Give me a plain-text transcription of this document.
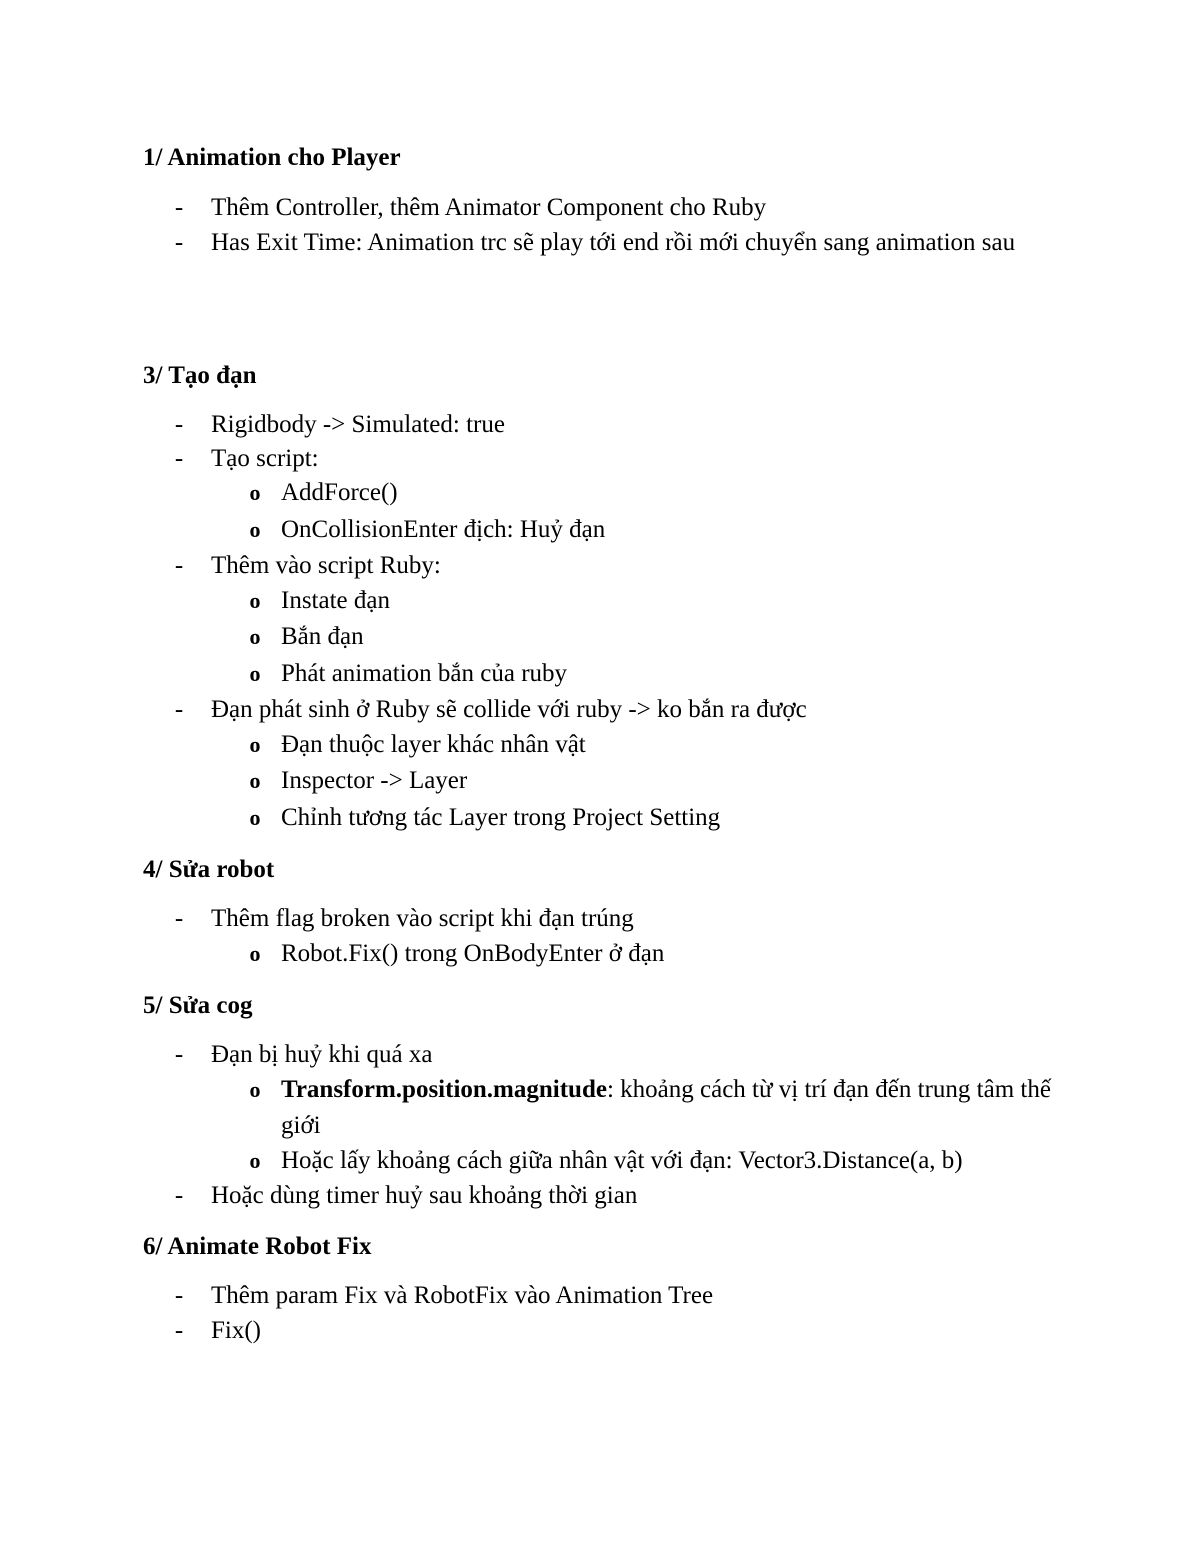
1/ Animation cho Player
- Thêm Controller, thêm Animator Component cho Ruby
- Has Exit Time: Animation trc sẽ play tới end rồi mới chuyển sang animation sau
3/ Tạo đạn
- Rigidbody -> Simulated: true
- Tạo script:
o AddForce()
o OnCollisionEnter địch: Huỷ đạn
- Thêm vào script Ruby:
o Instate đạn
o Bắn đạn
o Phát animation bắn của ruby
- Đạn phát sinh ở Ruby sẽ collide với ruby -> ko bắn ra được
o Đạn thuộc layer khác nhân vật
o Inspector -> Layer
o Chỉnh tương tác Layer trong Project Setting
4/ Sửa robot
- Thêm flag broken vào script khi đạn trúng
o Robot.Fix() trong OnBodyEnter ở đạn
5/ Sửa cog
- Đạn bị huỷ khi quá xa
o Transform.position.magnitude: khoảng cách từ vị trí đạn đến trung tâm thế giới
o Hoặc lấy khoảng cách giữa nhân vật với đạn: Vector3.Distance(a, b)
- Hoặc dùng timer huỷ sau khoảng thời gian
6/ Animate Robot Fix
- Thêm param Fix và RobotFix vào Animation Tree
- Fix()
